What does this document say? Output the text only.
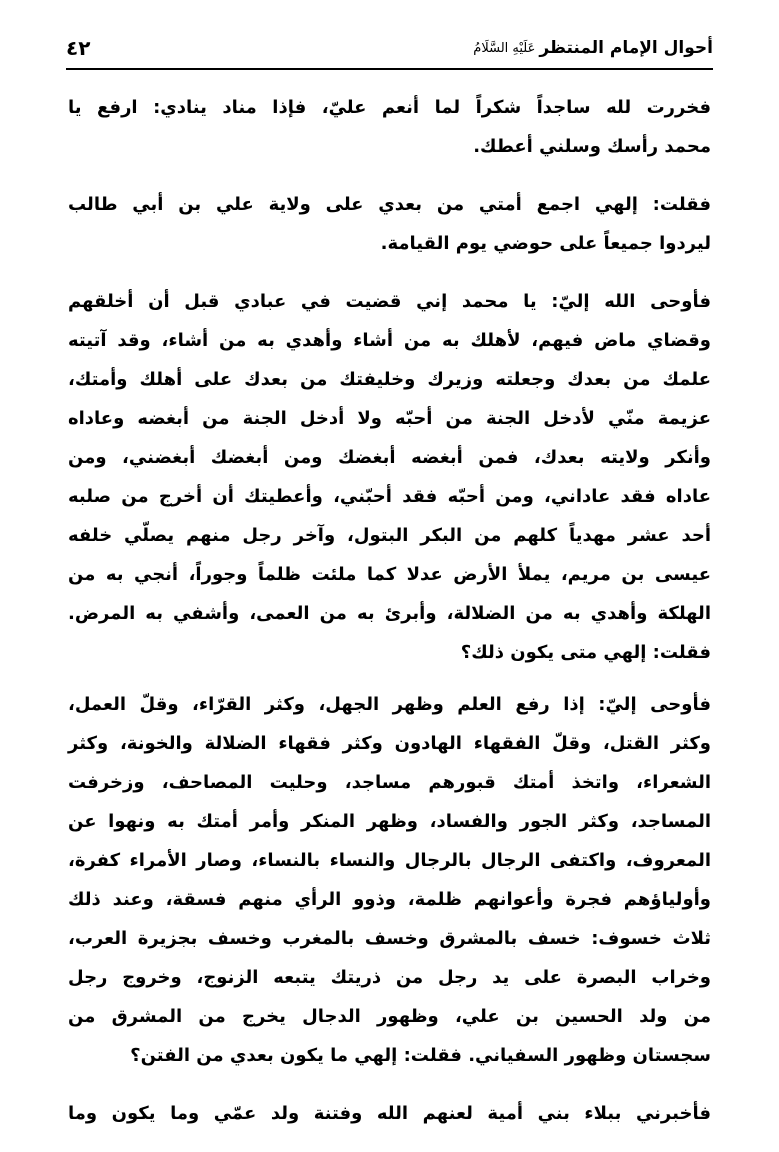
أحوال الإمام المنتظر
عَلَيْهِ السَّلَامُ
٤٢
فخررت لله ساجداً شكراً لما أنعم عليّ، فإذا مناد ينادي: ارفع يا
محمد رأسك وسلني أعطك.
فقلت: إلهي اجمع أمتي من بعدي على ولاية علي بن أبي طالب
ليردوا جميعاً على حوضي يوم القيامة.
فأوحى الله إليّ: يا محمد إني قضيت في عبادي قبل أن أخلقهم
وقضاي ماض فيهم، لأهلك به من أشاء وأهدي به من أشاء، وقد آتيته
علمك من بعدك وجعلته وزيرك وخليفتك من بعدك على أهلك وأمتك،
عزيمة منّي لأدخل الجنة من أحبّه ولا أدخل الجنة من أبغضه وعاداه
وأنكر ولايته بعدك، فمن أبغضه أبغضك ومن أبغضك أبغضني، ومن
عاداه فقد عاداني، ومن أحبّه فقد أحبّني، وأعطيتك أن أخرج من صلبه
أحد عشر مهدياً كلهم من البكر البتول، وآخر رجل منهم يصلّي خلفه
عيسى بن مريم، يملأ الأرض عدلا كما ملئت ظلماً وجوراً، أنجي به من
الهلكة وأهدي به من الضلالة، وأبرئ به من العمى، وأشفي به المرض.
فقلت: إلهي متى يكون ذلك؟
فأوحى إليّ: إذا رفع العلم وظهر الجهل، وكثر القرّاء، وقلّ العمل،
وكثر القتل، وقلّ الفقهاء الهادون وكثر فقهاء الضلالة والخونة، وكثر
الشعراء، واتخذ أمتك قبورهم مساجد، وحليت المصاحف، وزخرفت
المساجد، وكثر الجور والفساد، وظهر المنكر وأمر أمتك به ونهوا عن
المعروف، واكتفى الرجال بالرجال والنساء بالنساء، وصار الأمراء كفرة،
وأولياؤهم فجرة وأعوانهم ظلمة، وذوو الرأي منهم فسقة، وعند ذلك
ثلاث خسوف: خسف بالمشرق وخسف بالمغرب وخسف بجزيرة العرب،
وخراب البصرة على يد رجل من ذريتك يتبعه الزنوج، وخروج رجل
من ولد الحسين بن علي، وظهور الدجال يخرج من المشرق من
سجستان وظهور السفياني. فقلت: إلهي ما يكون بعدي من الفتن؟
فأخبرني ببلاء بني أمية لعنهم الله وفتنة ولد عمّي وما يكون وما
